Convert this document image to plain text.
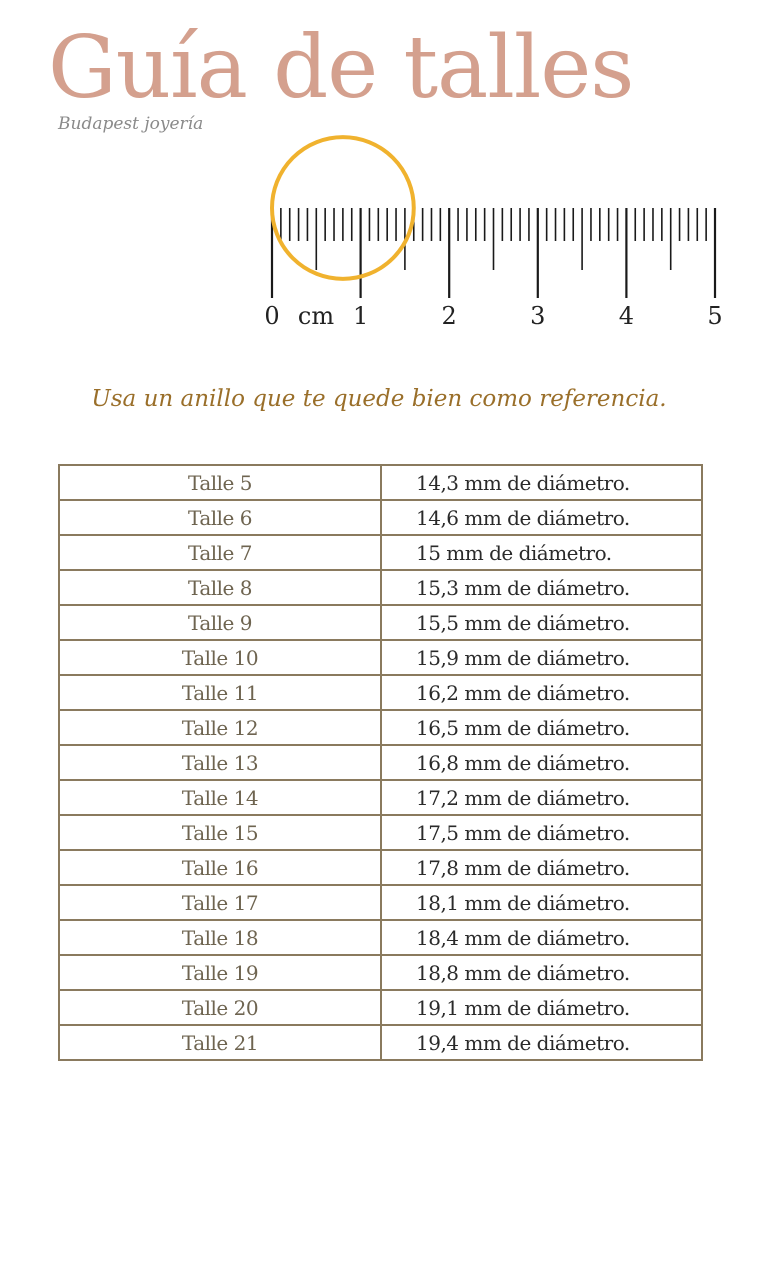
Guía de talles
Budapest joyería
0	1	2	3	4	5
cm
Usa un anillo que te quede bien como referencia.
Talle 5	14,3 mm de diámetro.
Talle 6	14,6 mm de diámetro.
Talle 7	15 mm de diámetro.
Talle 8	15,3 mm de diámetro.
Talle 9	15,5 mm de diámetro.
Talle 10	15,9 mm de diámetro.
Talle 11	16,2 mm de diámetro.
Talle 12	16,5 mm de diámetro.
Talle 13	16,8 mm de diámetro.
Talle 14	17,2 mm de diámetro.
Talle 15	17,5 mm de diámetro.
Talle 16	17,8 mm de diámetro.
Talle 17	18,1 mm de diámetro.
Talle 18	18,4 mm de diámetro.
Talle 19	18,8 mm de diámetro.
Talle 20	19,1 mm de diámetro.
Talle 21	19,4 mm de diámetro.
